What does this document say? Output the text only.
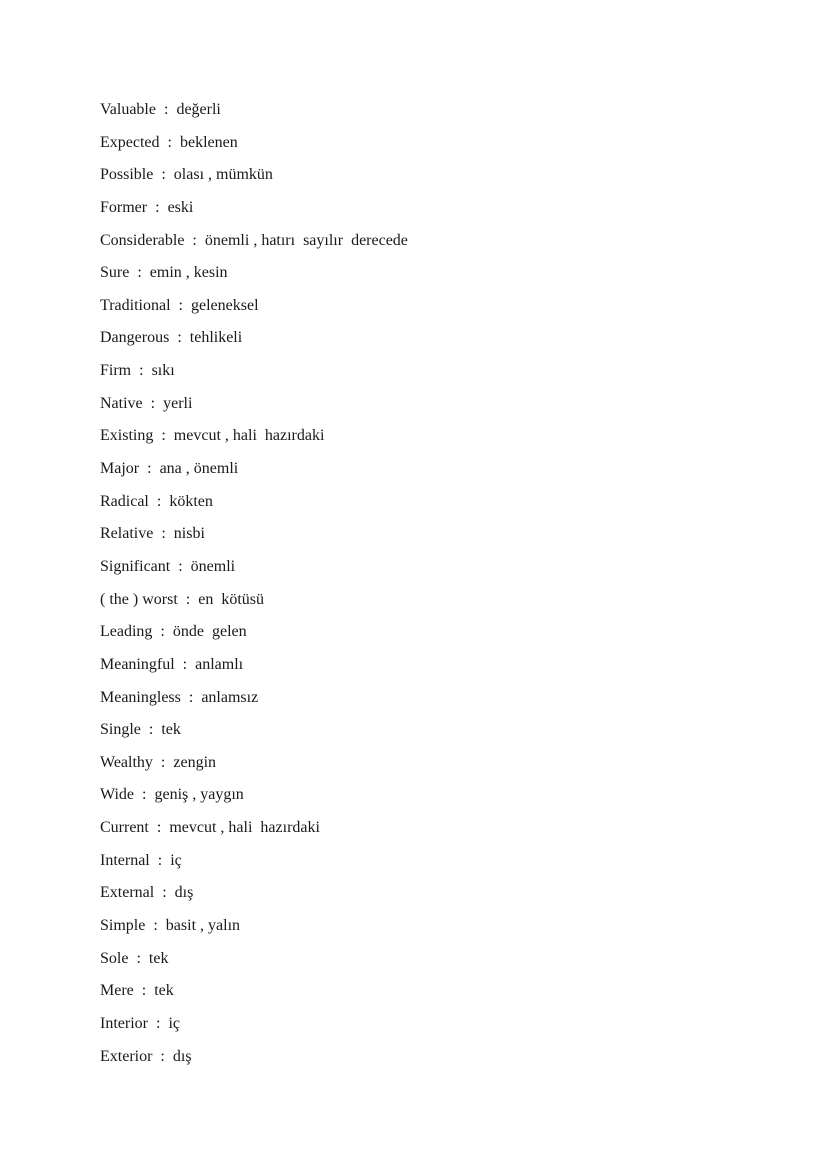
Valuable  :  değerli
Expected  :  beklenen
Possible  :  olası , mümkün
Former  :  eski
Considerable  :  önemli , hatırı  sayılır  derecede
Sure  :  emin , kesin
Traditional  :  geleneksel
Dangerous  :  tehlikeli
Firm  :  sıkı
Native  :  yerli
Existing  :  mevcut , hali  hazırdaki
Major  :  ana , önemli
Radical  :  kökten
Relative  :  nisbi
Significant  :  önemli
( the ) worst  :  en  kötüsü
Leading  :  önde  gelen
Meaningful  :  anlamlı
Meaningless  :  anlamsız
Single  :  tek
Wealthy  :  zengin
Wide  :  geniş , yaygın
Current  :  mevcut , hali  hazırdaki
Internal  :  iç
External  :  dış
Simple  :  basit , yalın
Sole  :  tek
Mere  :  tek
Interior  :  iç
Exterior  :  dış
